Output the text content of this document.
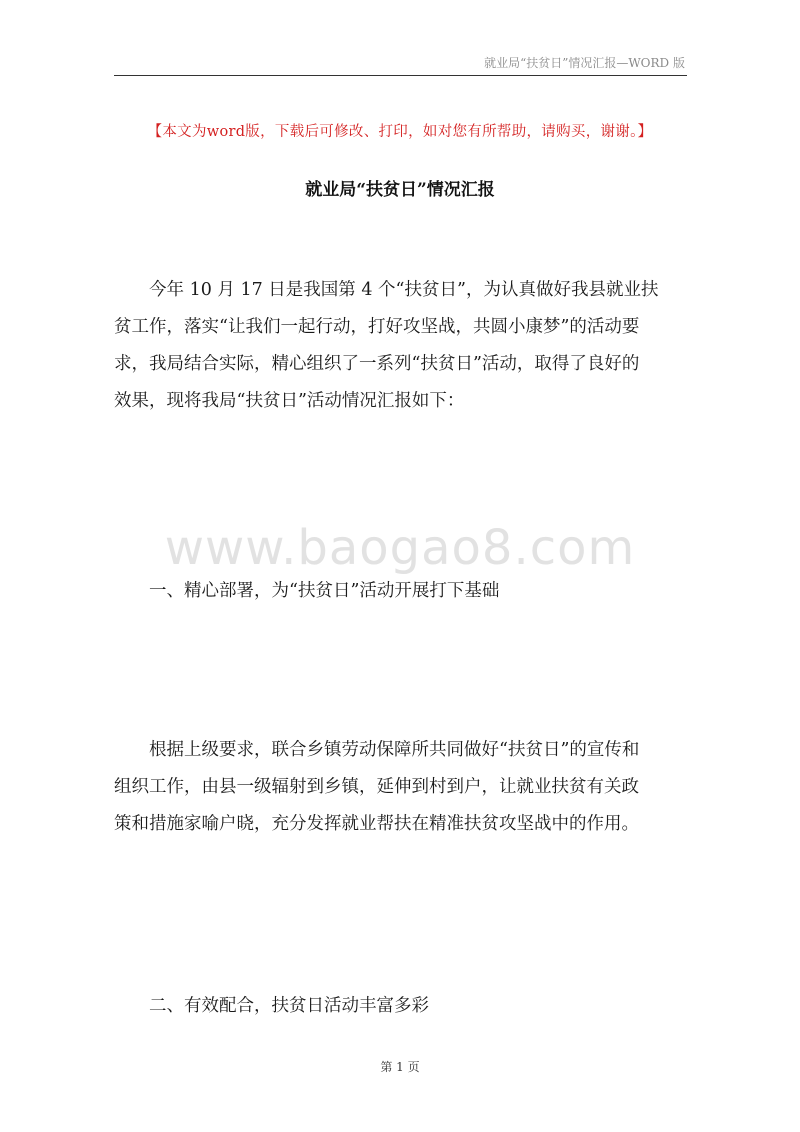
就业局“扶贫日”情况汇报—WORD 版
【本文为word版，下载后可修改、打印，如对您有所帮助，请购买，谢谢。】
就业局“扶贫日”情况汇报

今年 10 月 17 日是我国第 4 个“扶贫日”，为认真做好我县就业扶
贫工作，落实“让我们一起行动，打好攻坚战，共圆小康梦”的活动要
求，我局结合实际，精心组织了一系列“扶贫日”活动，取得了良好的
效果，现将我局“扶贫日”活动情况汇报如下：

www.baogao8.com
一、精心部署，为“扶贫日”活动开展打下基础

根据上级要求，联合乡镇劳动保障所共同做好“扶贫日”的宣传和
组织工作，由县一级辐射到乡镇，延伸到村到户，让就业扶贫有关政
策和措施家喻户晓，充分发挥就业帮扶在精准扶贫攻坚战中的作用。

二、有效配合，扶贫日活动丰富多彩
第 1 页
